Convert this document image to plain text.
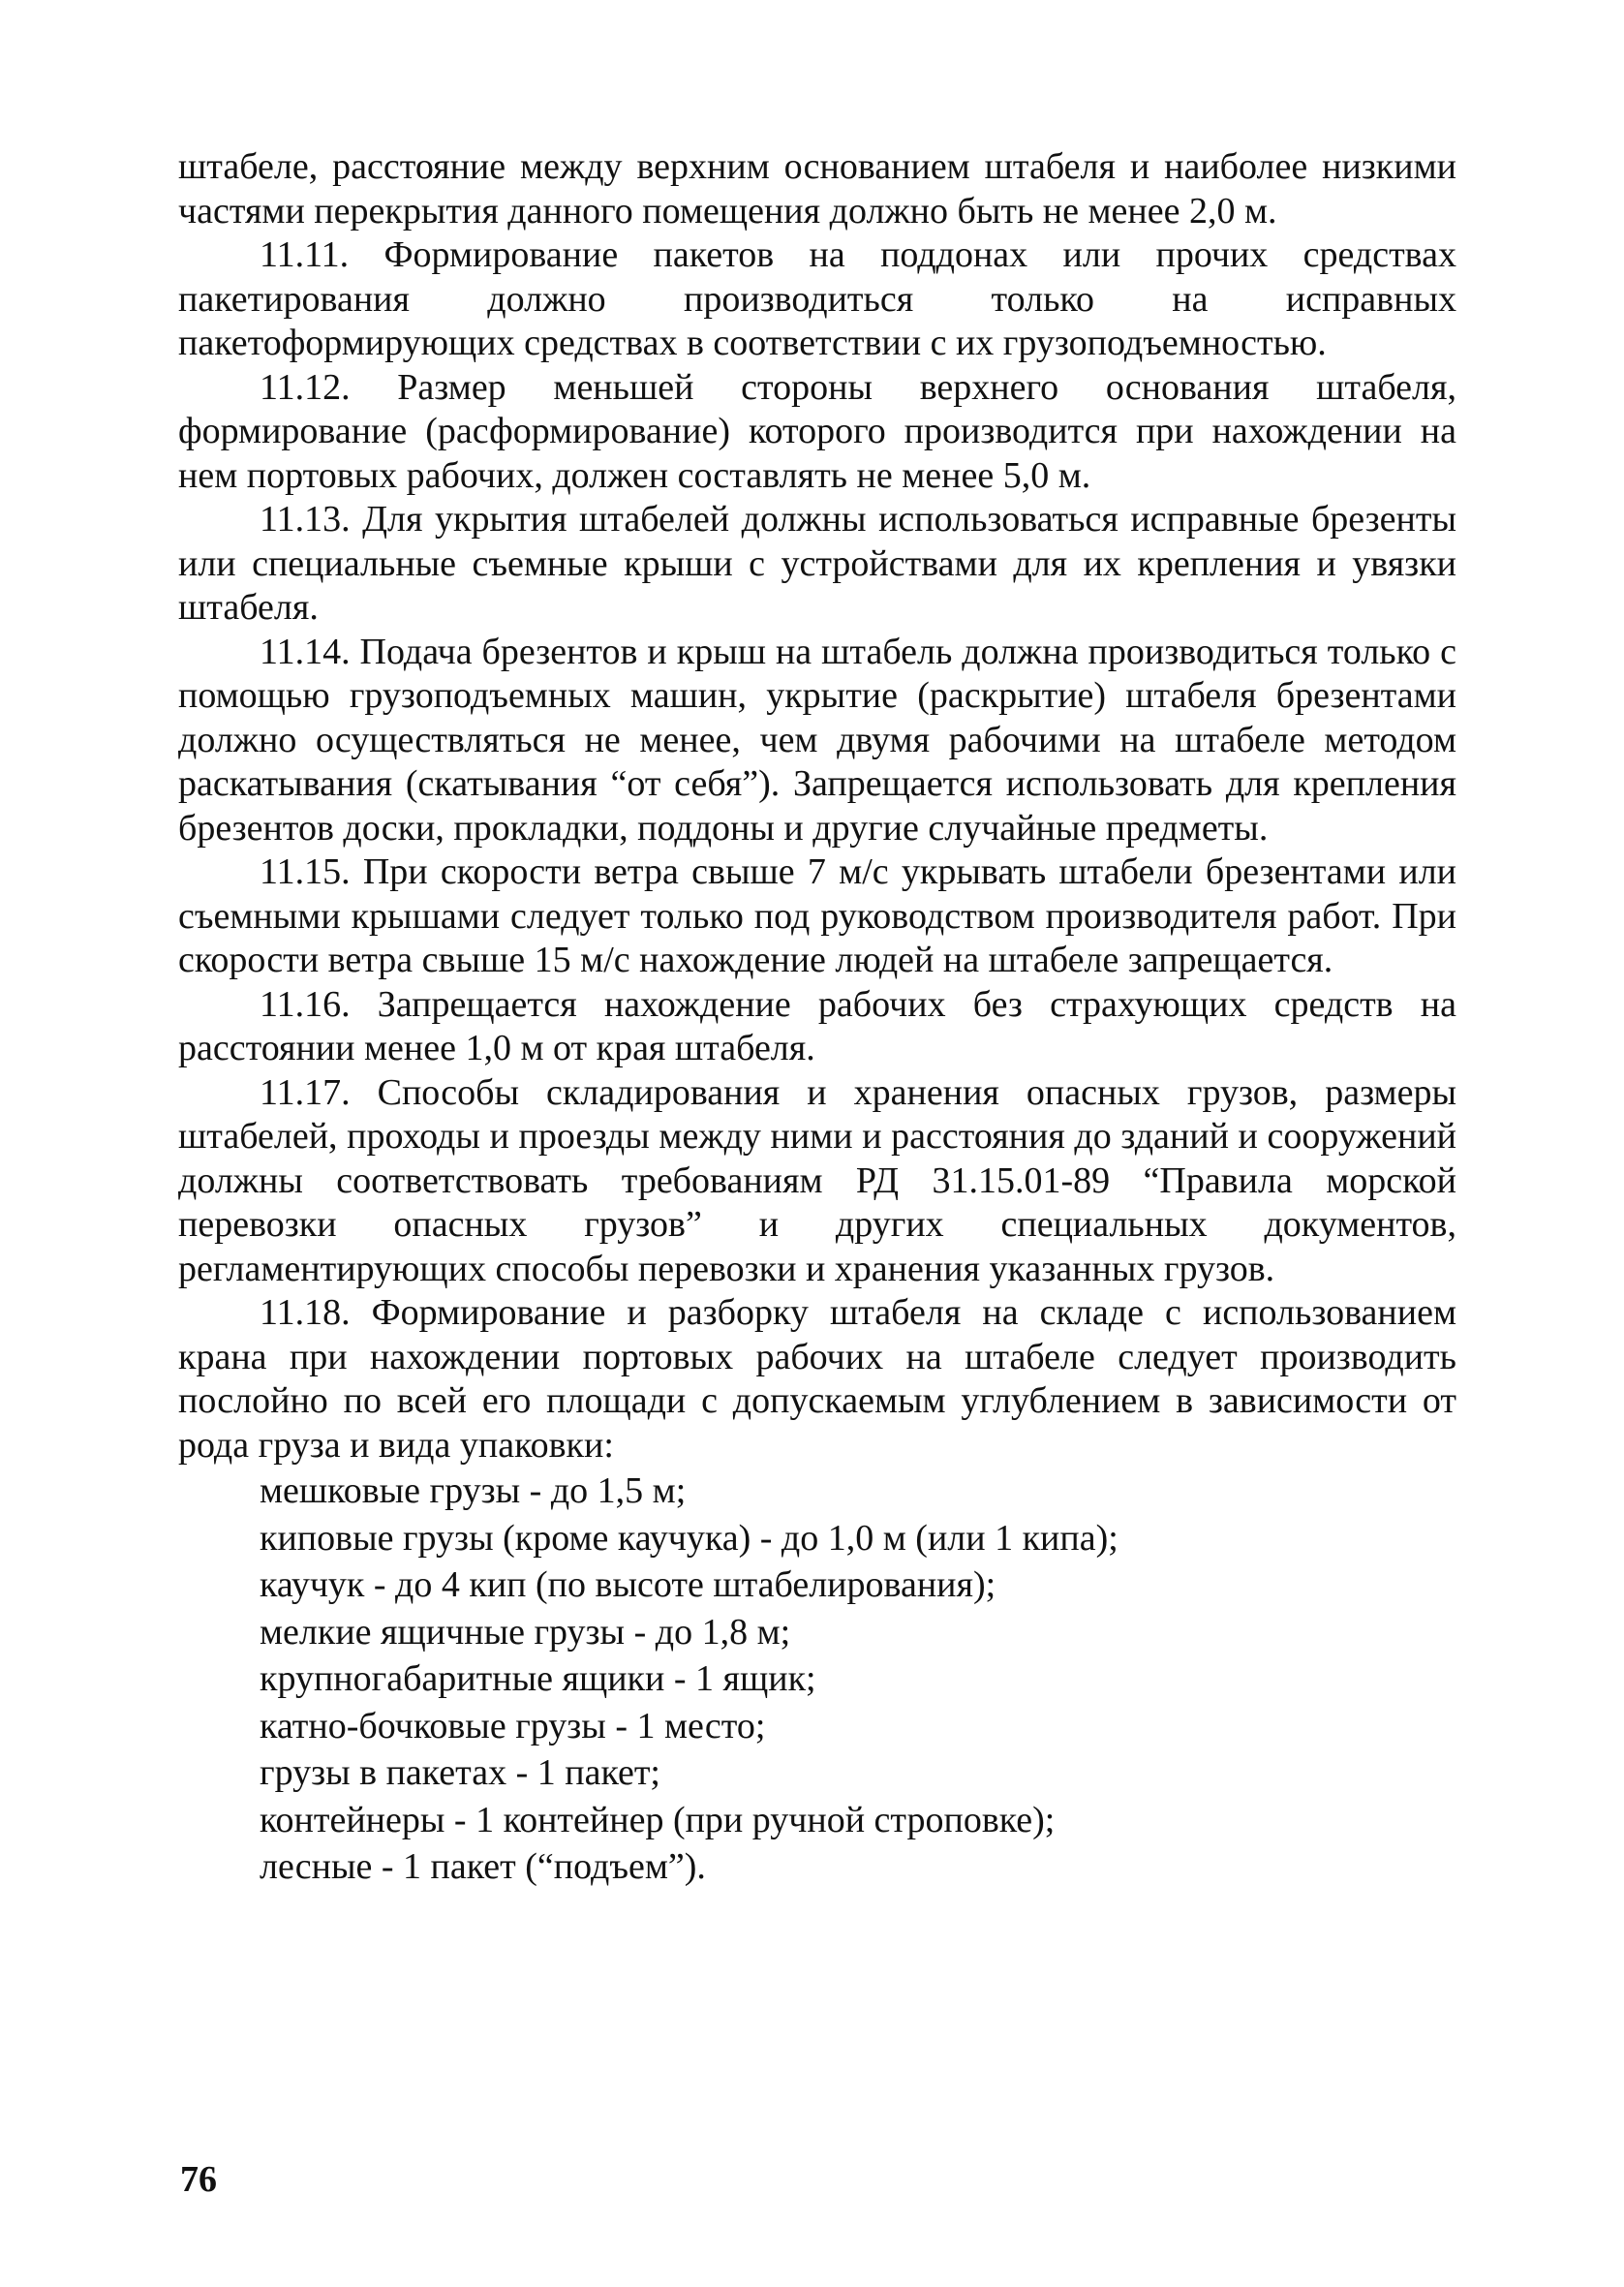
штабеле, расстояние между верхним основанием штабеля и наиболее низкими частями перекрытия данного помещения должно быть не менее 2,0 м.

11.11. Формирование пакетов на поддонах или прочих средствах пакетирования должно производиться только на исправных пакетоформирующих средствах в соответствии с их грузоподъемностью.

11.12. Размер меньшей стороны верхнего основания штабеля, формирование (расформирование) которого производится при нахождении на нем портовых рабочих, должен составлять не менее 5,0 м.

11.13. Для укрытия штабелей должны использоваться исправные брезенты или специальные съемные крыши с устройствами для их крепления и увязки штабеля.

11.14. Подача брезентов и крыш на штабель должна производиться только с помощью грузоподъемных машин, укрытие (раскрытие) штабеля брезентами должно осуществляться не менее, чем двумя рабочими на штабеле методом раскатывания (скатывания “от себя”). Запрещается использовать для крепления брезентов доски, прокладки, поддоны и другие случайные предметы.

11.15. При скорости ветра свыше 7 м/с укрывать штабели брезентами или съемными крышами следует только под руководством производителя работ. При скорости ветра свыше 15 м/с нахождение людей на штабеле запрещается.

11.16. Запрещается нахождение рабочих без страхующих средств на расстоянии менее 1,0 м от края штабеля.

11.17. Способы складирования и хранения опасных грузов, размеры штабелей, проходы и проезды между ними и расстояния до зданий и сооружений должны соответствовать требованиям РД 31.15.01-89 “Правила морской перевозки опасных грузов” и других специальных документов, регламентирующих способы перевозки и хранения указанных грузов.

11.18. Формирование и разборку штабеля на складе с использованием крана при нахождении портовых рабочих на штабеле следует производить послойно по всей его площади с допускаемым углублением в зависимости от рода груза и вида упаковки:

мешковые грузы - до 1,5 м;
киповые грузы (кроме каучука) - до 1,0 м (или 1 кипа);
каучук - до 4 кип (по высоте штабелирования);
мелкие ящичные грузы - до 1,8 м;
крупногабаритные ящики - 1 ящик;
катно-бочковые грузы - 1 место;
грузы в пакетах - 1 пакет;
контейнеры - 1 контейнер (при ручной строповке);
лесные - 1 пакет (“подъем”).
76
